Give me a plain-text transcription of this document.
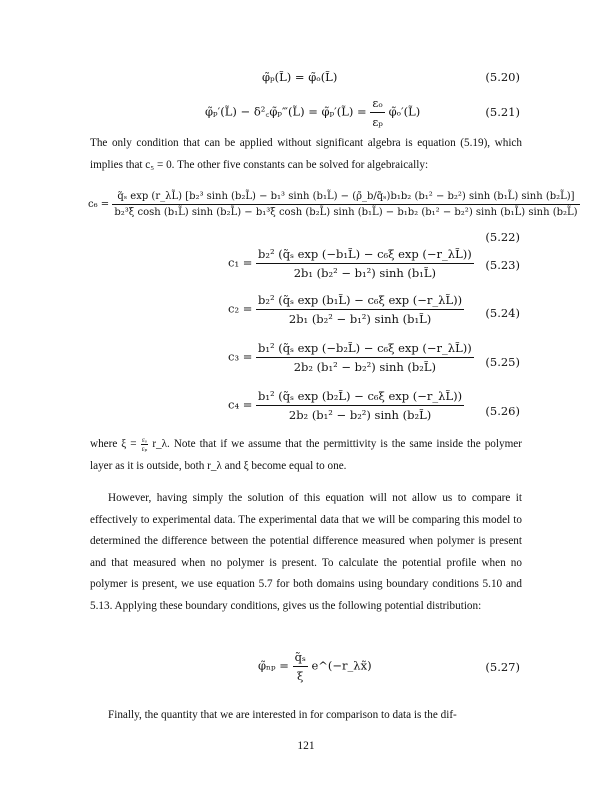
φ̃ₚ(L̃) = φ̃ₒ(L̃)	(5.20)
φ̃ₚ′(L̃) − δ²꜀φ̃ₚ‴(L̃) = φ̃ₚ′(L̃) = $\frac{\text{εₒ}}{\text{εₚ}}$ φ̃ₒ′(L̃)	(5.21)

The only condition that can be applied without significant algebra is equation (5.19), which implies that c₅ = 0. The other five constants can be solved for algebraically:

c₆ =
q̃ₛ exp (r_λL̃) [b₂³ sinh (b₂L̃) − b₁³ sinh (b₁L̃) − (ρ̃_b/q̃ₛ)b₁b₂ (b₁² − b₂²) sinh (b₁L̃) sinh (b₂L̃)]
b₂³ξ cosh (b₁L̃) sinh (b₂L̃) − b₁³ξ cosh (b₂L̃) sinh (b₁L̃) − b₁b₂ (b₁² − b₂²) sinh (b₁L̃) sinh (b₂L̃)
(5.22)
$c_1 = \frac{\text{b₂² (q̃ₛ exp (−b₁L̃) − c₆ξ exp (−r\_λL̃))}}{\text{2b₁ (b₂² − b₁²) sinh (b₁L̃)}} (5.23)$
$c_2 = \frac{\text{b₂² (q̃ₛ exp (b₁L̃) − c₆ξ exp (−r\_λL̃))}}{\text{2b₁ (b₂² − b₁²) sinh (b₁L̃)}} (5.24)$
$c_3 = \frac{\text{b₁² (q̃ₛ exp (−b₂L̃) − c₆ξ exp (−r\_λL̃))}}{\text{2b₂ (b₁² − b₂²) sinh (b₂L̃)}} (5.25)$
$c_4 = \frac{\text{b₁² (q̃ₛ exp (b₂L̃) − c₆ξ exp (−r\_λL̃))}}{\text{2b₂ (b₁² − b₂²) sinh (b₂L̃)}} (5.26)$

where $\xi = \frac{\text{εₒ}}{\text{εₚ}}$ r_λ. Note that if we assume that the permittivity is the same inside the polymer layer as it is outside, both r_λ and ξ become equal to one.

However, having simply the solution of this equation will not allow us to compare it effectively to experimental data. The experimental data that we will be comparing this model to determined the difference between the potential difference measured when polymer is present and that measured when no polymer is present. To calculate the potential profile when no polymer is present, we use equation 5.7 for both domains using boundary conditions 5.10 and 5.13. Applying these boundary conditions, gives us the following potential distribution:

φ̃ₙₚ = $\frac{\text{q̃ₛ}}{\xi}$ e^(−r_λx̃)	(5.27)

Finally, the quantity that we are interested in for comparison to data is the dif-

121
